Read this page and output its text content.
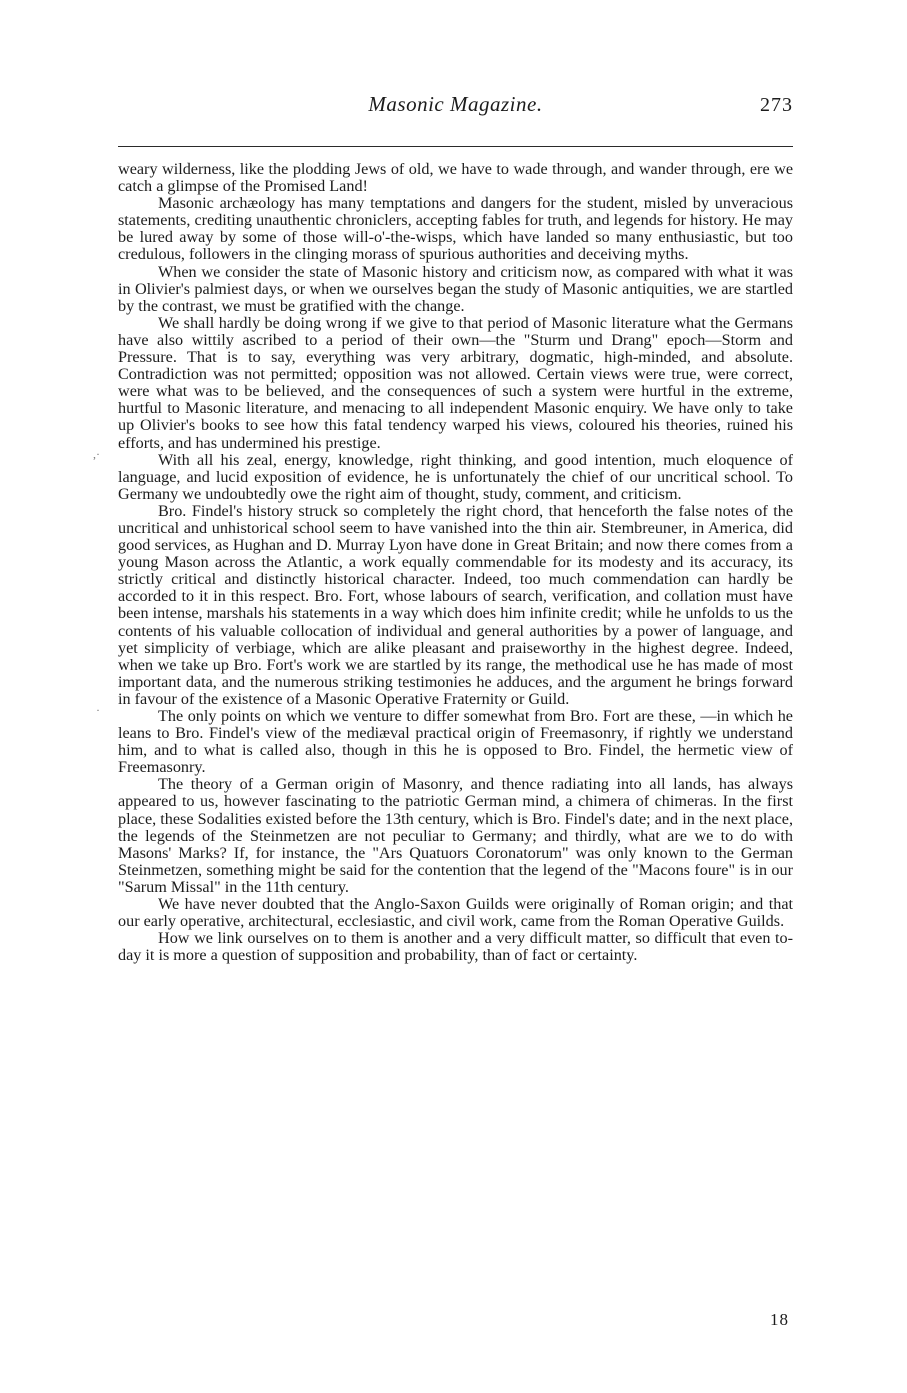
Masonic Magazine.	273

weary wilderness, like the plodding Jews of old, we have to wade through, and wander through, ere we catch a glimpse of the Promised Land!

Masonic archæology has many temptations and dangers for the student, misled by unveracious statements, crediting unauthentic chroniclers, accepting fables for truth, and legends for history. He may be lured away by some of those will-o'-the-wisps, which have landed so many enthusiastic, but too credulous, followers in the clinging morass of spurious authorities and deceiving myths.

When we consider the state of Masonic history and criticism now, as compared with what it was in Olivier's palmiest days, or when we ourselves began the study of Masonic antiquities, we are startled by the contrast, we must be gratified with the change.

We shall hardly be doing wrong if we give to that period of Masonic literature what the Germans have also wittily ascribed to a period of their own—the "Sturm und Drang" epoch—Storm and Pressure. That is to say, everything was very arbitrary, dogmatic, high-minded, and absolute. Contradiction was not permitted; opposition was not allowed. Certain views were true, were correct, were what was to be believed, and the consequences of such a system were hurtful in the extreme, hurtful to Masonic literature, and menacing to all independent Masonic enquiry. We have only to take up Olivier's books to see how this fatal tendency warped his views, coloured his theories, ruined his efforts, and has undermined his prestige.

With all his zeal, energy, knowledge, right thinking, and good intention, much eloquence of language, and lucid exposition of evidence, he is unfortunately the chief of our uncritical school. To Germany we undoubtedly owe the right aim of thought, study, comment, and criticism.

Bro. Findel's history struck so completely the right chord, that henceforth the false notes of the uncritical and unhistorical school seem to have vanished into the thin air. Stembreuner, in America, did good services, as Hughan and D. Murray Lyon have done in Great Britain; and now there comes from a young Mason across the Atlantic, a work equally commendable for its modesty and its accuracy, its strictly critical and distinctly historical character. Indeed, too much commendation can hardly be accorded to it in this respect. Bro. Fort, whose labours of search, verification, and collation must have been intense, marshals his statements in a way which does him infinite credit; while he unfolds to us the contents of his valuable collocation of individual and general authorities by a power of language, and yet simplicity of verbiage, which are alike pleasant and praiseworthy in the highest degree. Indeed, when we take up Bro. Fort's work we are startled by its range, the methodical use he has made of most important data, and the numerous striking testimonies he adduces, and the argument he brings forward in favour of the existence of a Masonic Operative Fraternity or Guild.

The only points on which we venture to differ somewhat from Bro. Fort are these, —in which he leans to Bro. Findel's view of the mediæval practical origin of Freemasonry, if rightly we understand him, and to what is called also, though in this he is opposed to Bro. Findel, the hermetic view of Freemasonry.

The theory of a German origin of Masonry, and thence radiating into all lands, has always appeared to us, however fascinating to the patriotic German mind, a chimera of chimeras. In the first place, these Sodalities existed before the 13th century, which is Bro. Findel's date; and in the next place, the legends of the Steinmetzen are not peculiar to Germany; and thirdly, what are we to do with Masons' Marks? If, for instance, the "Ars Quatuors Coronatorum" was only known to the German Steinmetzen, something might be said for the contention that the legend of the "Macons foure" is in our "Sarum Missal" in the 11th century.

We have never doubted that the Anglo-Saxon Guilds were originally of Roman origin; and that our early operative, architectural, ecclesiastic, and civil work, came from the Roman Operative Guilds.

How we link ourselves on to them is another and a very difficult matter, so difficult that even to-day it is more a question of supposition and probability, than of fact or certainty.

,·
·
18
